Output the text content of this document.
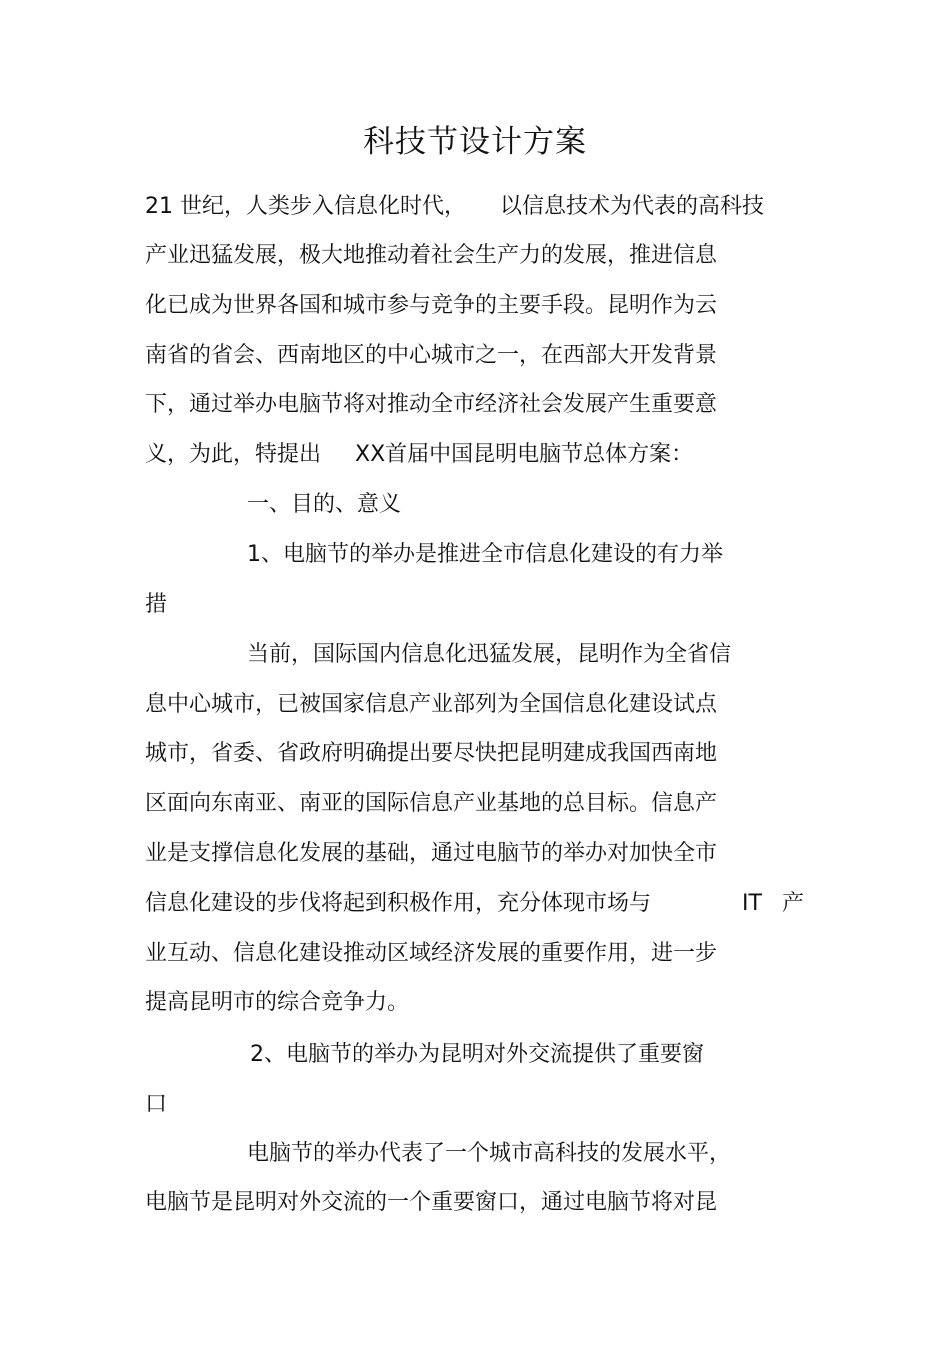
科技节设计方案
21 世纪，人类步入信息化时代， 以信息技术为代表的高科技

产业迅猛发展，极大地推动着社会生产力的发展，推进信息

化已成为世界各国和城市参与竞争的主要手段。昆明作为云

南省的省会、西南地区的中心城市之一，在西部大开发背景

下，通过举办电脑节将对推动全市经济社会发展产生重要意

义，为此，特提出 XX首届中国昆明电脑节总体方案：

一、目的、意义

1、电脑节的举办是推进全市信息化建设的有力举

措

当前，国际国内信息化迅猛发展，昆明作为全省信

息中心城市，已被国家信息产业部列为全国信息化建设试点

城市，省委、省政府明确提出要尽快把昆明建成我国西南地

区面向东南亚、南亚的国际信息产业基地的总目标。信息产

业是支撑信息化发展的基础，通过电脑节的举办对加快全市

信息化建设的步伐将起到积极作用，充分体现市场与	IT 产

业互动、信息化建设推动区域经济发展的重要作用，进一步

提高昆明市的综合竞争力。

2、电脑节的举办为昆明对外交流提供了重要窗

口

电脑节的举办代表了一个城市高科技的发展水平，

电脑节是昆明对外交流的一个重要窗口，通过电脑节将对昆
